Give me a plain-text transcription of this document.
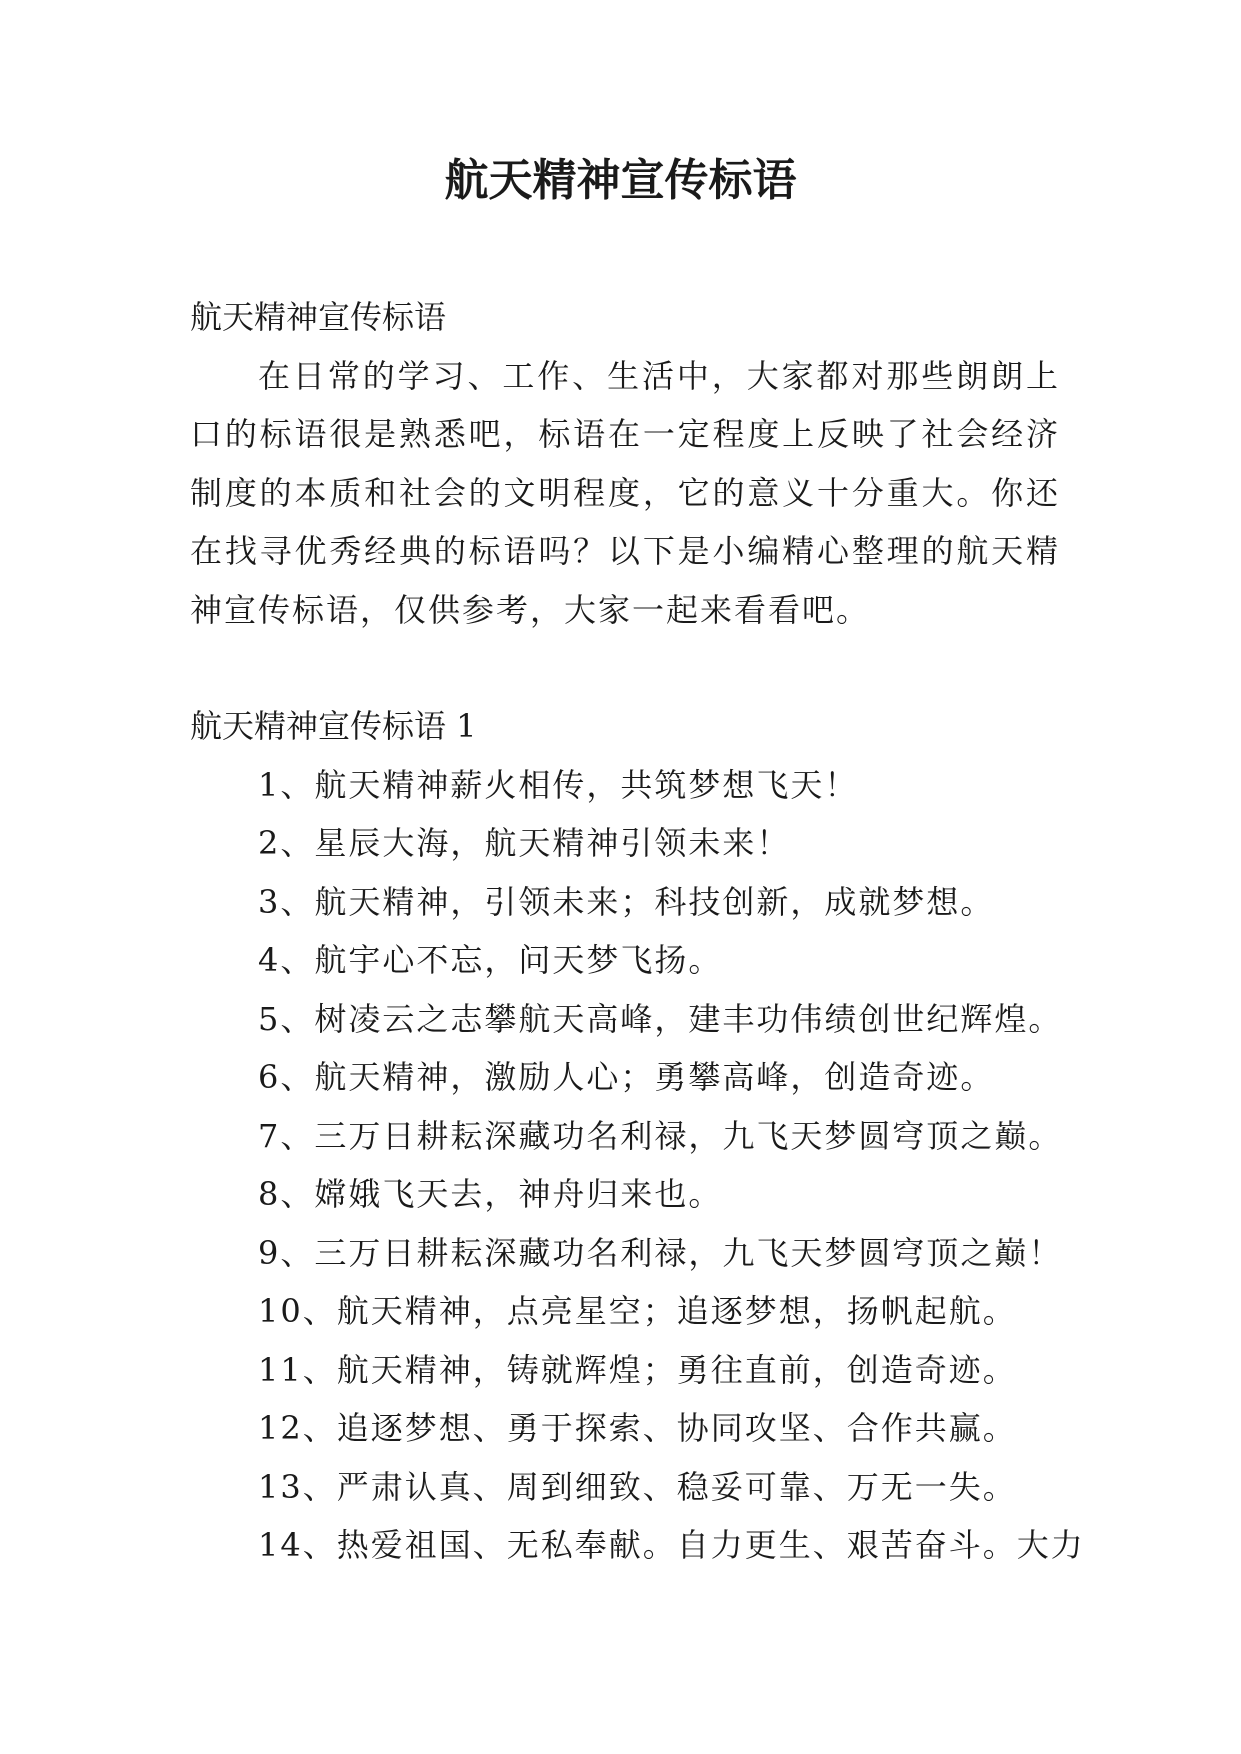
航天精神宣传标语

航天精神宣传标语

在日常的学习、工作、生活中，大家都对那些朗朗上口的标语很是熟悉吧，标语在一定程度上反映了社会经济制度的本质和社会的文明程度，它的意义十分重大。你还在找寻优秀经典的标语吗？以下是小编精心整理的航天精神宣传标语，仅供参考，大家一起来看看吧。

航天精神宣传标语 1

1、航天精神薪火相传，共筑梦想飞天！
2、星辰大海，航天精神引领未来！
3、航天精神，引领未来；科技创新，成就梦想。
4、航宇心不忘，问天梦飞扬。
5、树凌云之志攀航天高峰，建丰功伟绩创世纪辉煌。
6、航天精神，激励人心；勇攀高峰，创造奇迹。
7、三万日耕耘深藏功名利禄，九飞天梦圆穹顶之巅。
8、嫦娥飞天去，神舟归来也。
9、三万日耕耘深藏功名利禄，九飞天梦圆穹顶之巅！
10、航天精神，点亮星空；追逐梦想，扬帆起航。
11、航天精神，铸就辉煌；勇往直前，创造奇迹。
12、追逐梦想、勇于探索、协同攻坚、合作共赢。
13、严肃认真、周到细致、稳妥可靠、万无一失。
14、热爱祖国、无私奉献。自力更生、艰苦奋斗。大力
